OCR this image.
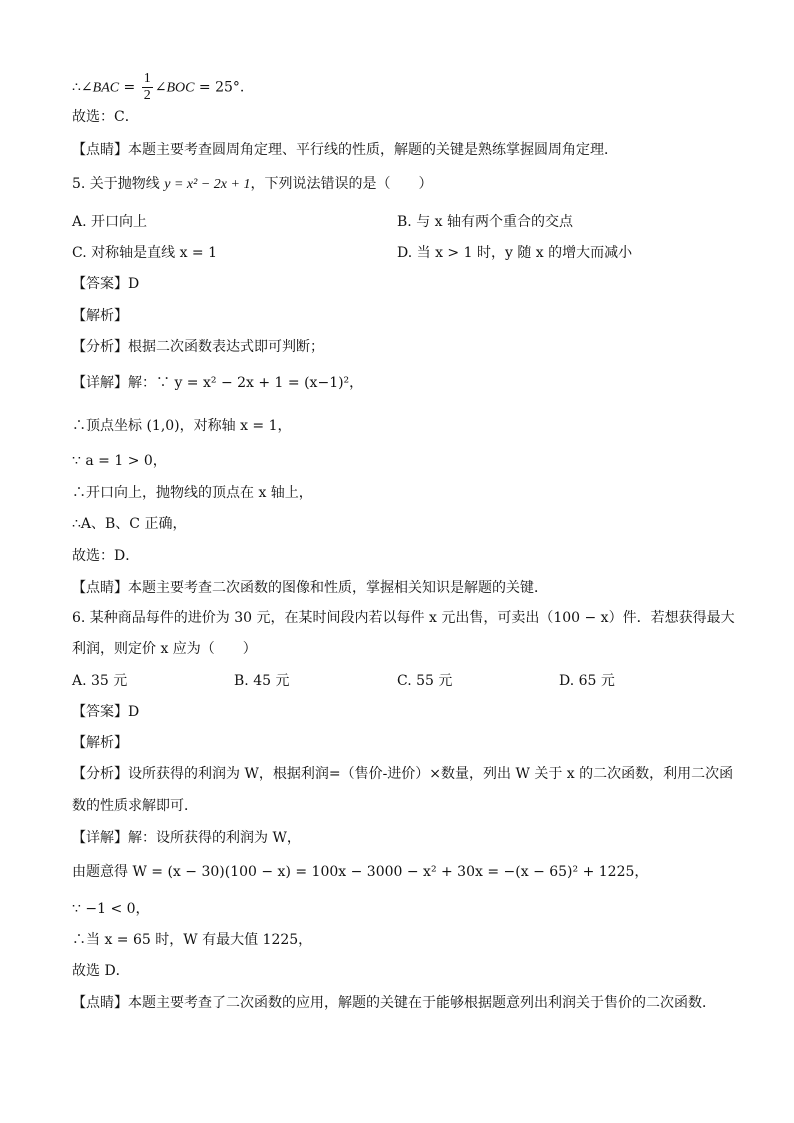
∴∠BAC = $\frac{1}{2}$ ∠BOC = 25°.
故选：C．
【点睛】本题主要考查圆周角定理、平行线的性质，解题的关键是熟练掌握圆周角定理．
5. 关于抛物线 y = x² − 2x + 1，下列说法错误的是（　　）
A. 开口向上	B. 与 x 轴有两个重合的交点
C. 对称轴是直线 x = 1	D. 当 x > 1 时，y 随 x 的增大而减小
【答案】D
【解析】
【分析】根据二次函数表达式即可判断；
【详解】解：∵ y = x² − 2x + 1 = (x−1)²，
∴顶点坐标 (1,0)，对称轴 x = 1，
∵ a = 1 > 0，
∴开口向上，抛物线的顶点在 x 轴上，
∴A、B、C 正确，
故选：D．
【点睛】本题主要考查二次函数的图像和性质，掌握相关知识是解题的关键．
6. 某种商品每件的进价为 30 元，在某时间段内若以每件 x 元出售，可卖出（100 − x）件．若想获得最大
利润，则定价 x 应为（　　）
A. 35 元	B. 45 元	C. 55 元	D. 65 元
【答案】D
【解析】
【分析】设所获得的利润为 W，根据利润=（售价-进价）×数量，列出 W 关于 x 的二次函数，利用二次函
数的性质求解即可．
【详解】解：设所获得的利润为 W，
由题意得 W = (x − 30)(100 − x) = 100x − 3000 − x² + 30x = −(x − 65)² + 1225，
∵ −1 < 0，
∴当 x = 65 时，W 有最大值 1225，
故选 D．
【点睛】本题主要考查了二次函数的应用，解题的关键在于能够根据题意列出利润关于售价的二次函数．
